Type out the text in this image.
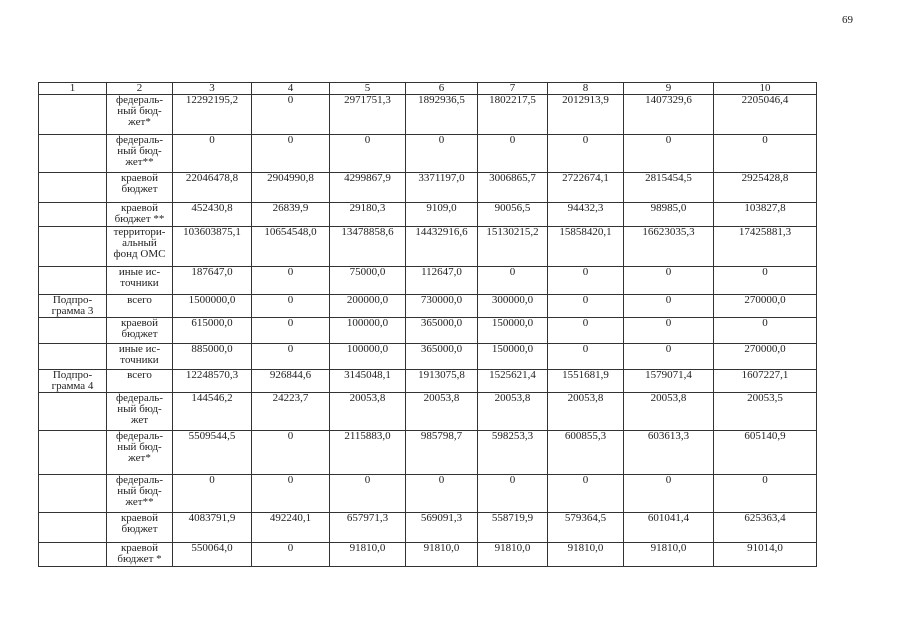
69
1	2	3	4	5	6	7	8	9	10
	федераль-ный бюд-жет*	12292195,2	0	2971751,3	1892936,5	1802217,5	2012913,9	1407329,6	2205046,4
	федераль-ный бюд-жет**	0	0	0	0	0	0	0	0
	краевой бюджет	22046478,8	2904990,8	4299867,9	3371197,0	3006865,7	2722674,1	2815454,5	2925428,8
	краевой бюджет **	452430,8	26839,9	29180,3	9109,0	90056,5	94432,3	98985,0	103827,8
	территори-альный фонд ОМС	103603875,1	10654548,0	13478858,6	14432916,6	15130215,2	15858420,1	16623035,3	17425881,3
	иные ис-точники	187647,0	0	75000,0	112647,0	0	0	0	0
Подпро-грамма 3	всего	1500000,0	0	200000,0	730000,0	300000,0	0	0	270000,0
	краевой бюджет	615000,0	0	100000,0	365000,0	150000,0	0	0	0
	иные ис-точники	885000,0	0	100000,0	365000,0	150000,0	0	0	270000,0
Подпро-грамма 4	всего	12248570,3	926844,6	3145048,1	1913075,8	1525621,4	1551681,9	1579071,4	1607227,1
	федераль-ный бюд-жет	144546,2	24223,7	20053,8	20053,8	20053,8	20053,8	20053,8	20053,5
	федераль-ный бюд-жет*	5509544,5	0	2115883,0	985798,7	598253,3	600855,3	603613,3	605140,9
	федераль-ный бюд-жет**	0	0	0	0	0	0	0	0
	краевой бюджет	4083791,9	492240,1	657971,3	569091,3	558719,9	579364,5	601041,4	625363,4
	краевой бюджет *	550064,0	0	91810,0	91810,0	91810,0	91810,0	91810,0	91014,0
